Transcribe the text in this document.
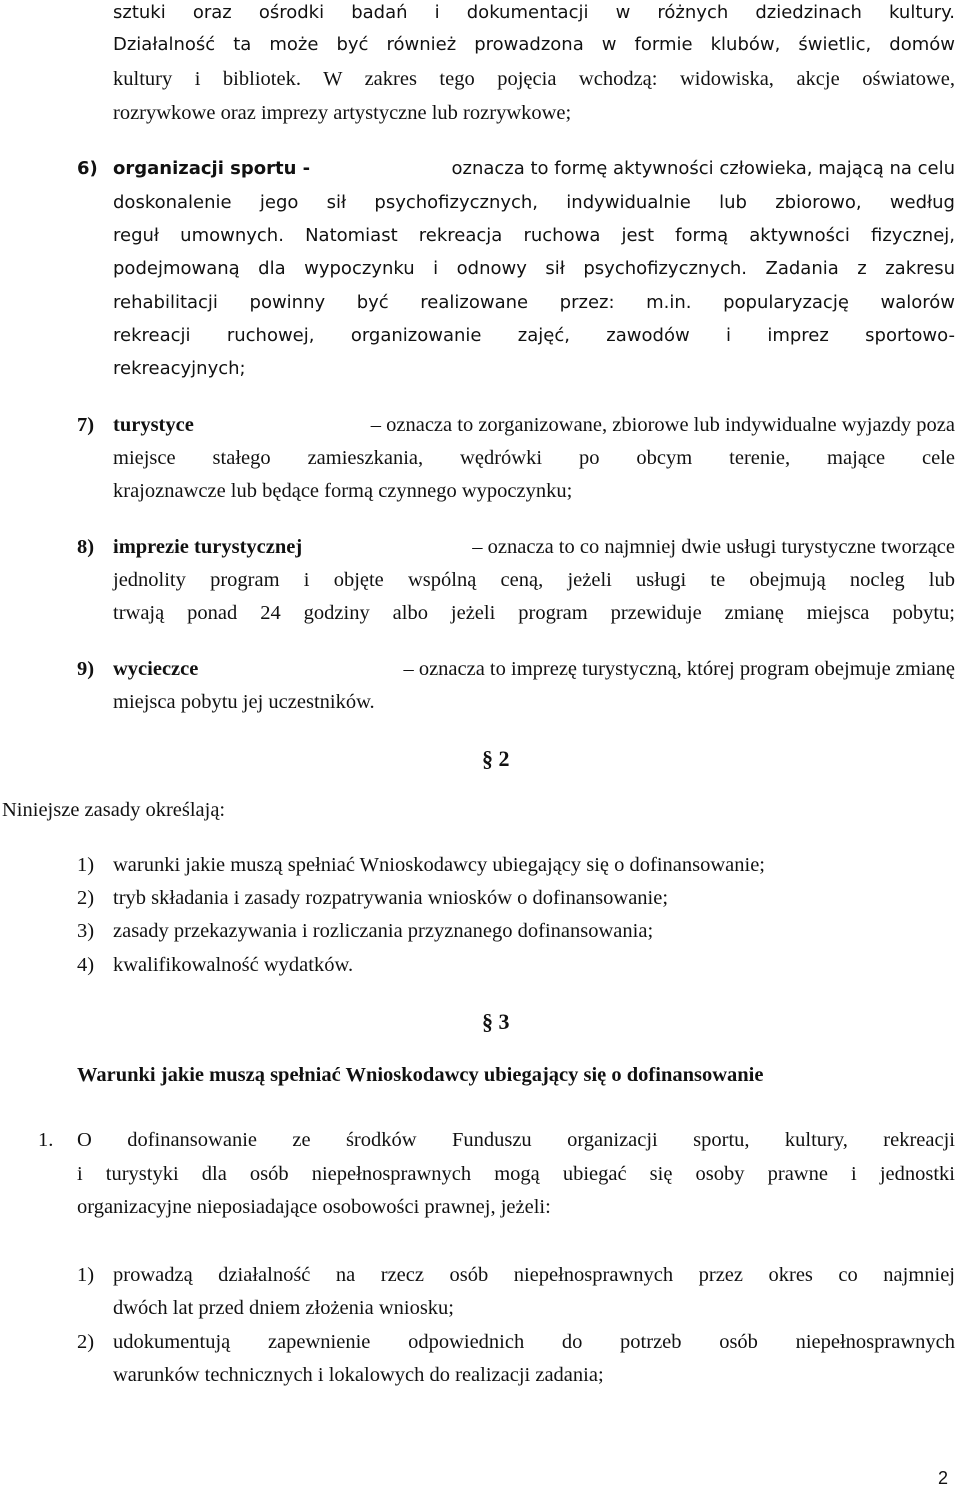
sztuki oraz ośrodki badań i dokumentacji w różnych dziedzinach kultury.
Działalność ta może być również prowadzona w formie klubów, świetlic, domów
kultury i bibliotek. W zakres tego pojęcia wchodzą: widowiska, akcje oświatowe,
rozrywkowe oraz imprezy artystyczne lub rozrywkowe;
6) organizacji sportu -	oznacza to formę aktywności człowieka, mającą na celu
doskonalenie jego sił psychofizycznych, indywidualnie lub zbiorowo, według
reguł umownych. Natomiast rekreacja ruchowa jest formą aktywności fizycznej,
podejmowaną dla wypoczynku i odnowy sił psychofizycznych. Zadania z zakresu
rehabilitacji powinny być realizowane przez: m.in. popularyzację walorów
rekreacji ruchowej, organizowanie zajęć, zawodów i imprez sportowo-
rekreacyjnych;
7) turystyce	– oznacza to zorganizowane, zbiorowe lub indywidualne wyjazdy poza
miejsce stałego zamieszkania, wędrówki po obcym terenie, mające cele
krajoznawcze lub będące formą czynnego wypoczynku;
8) imprezie turystycznej	– oznacza to co najmniej dwie usługi turystyczne tworzące
jednolity program i objęte wspólną ceną, jeżeli usługi te obejmują nocleg lub
trwają ponad 24 godziny albo jeżeli program przewiduje zmianę miejsca pobytu;
9) wycieczce	– oznacza to imprezę turystyczną, której program obejmuje zmianę
miejsca pobytu jej uczestników.
§ 2
Niniejsze zasady określają:
1) warunki jakie muszą spełniać Wnioskodawcy ubiegający się o dofinansowanie;
2) tryb składania i zasady rozpatrywania wniosków o dofinansowanie;
3) zasady przekazywania i rozliczania przyznanego dofinansowania;
4) kwalifikowalność wydatków.
§ 3
Warunki jakie muszą spełniać Wnioskodawcy ubiegający się o dofinansowanie
1. O dofinansowanie ze środków Funduszu organizacji sportu, kultury, rekreacji
i turystyki dla osób niepełnosprawnych mogą ubiegać się osoby prawne i jednostki
organizacyjne nieposiadające osobowości prawnej, jeżeli:
1) prowadzą działalność na rzecz osób niepełnosprawnych przez okres co najmniej
dwóch lat przed dniem złożenia wniosku;
2) udokumentują zapewnienie odpowiednich do potrzeb osób niepełnosprawnych
warunków technicznych i lokalowych do realizacji zadania;
2
